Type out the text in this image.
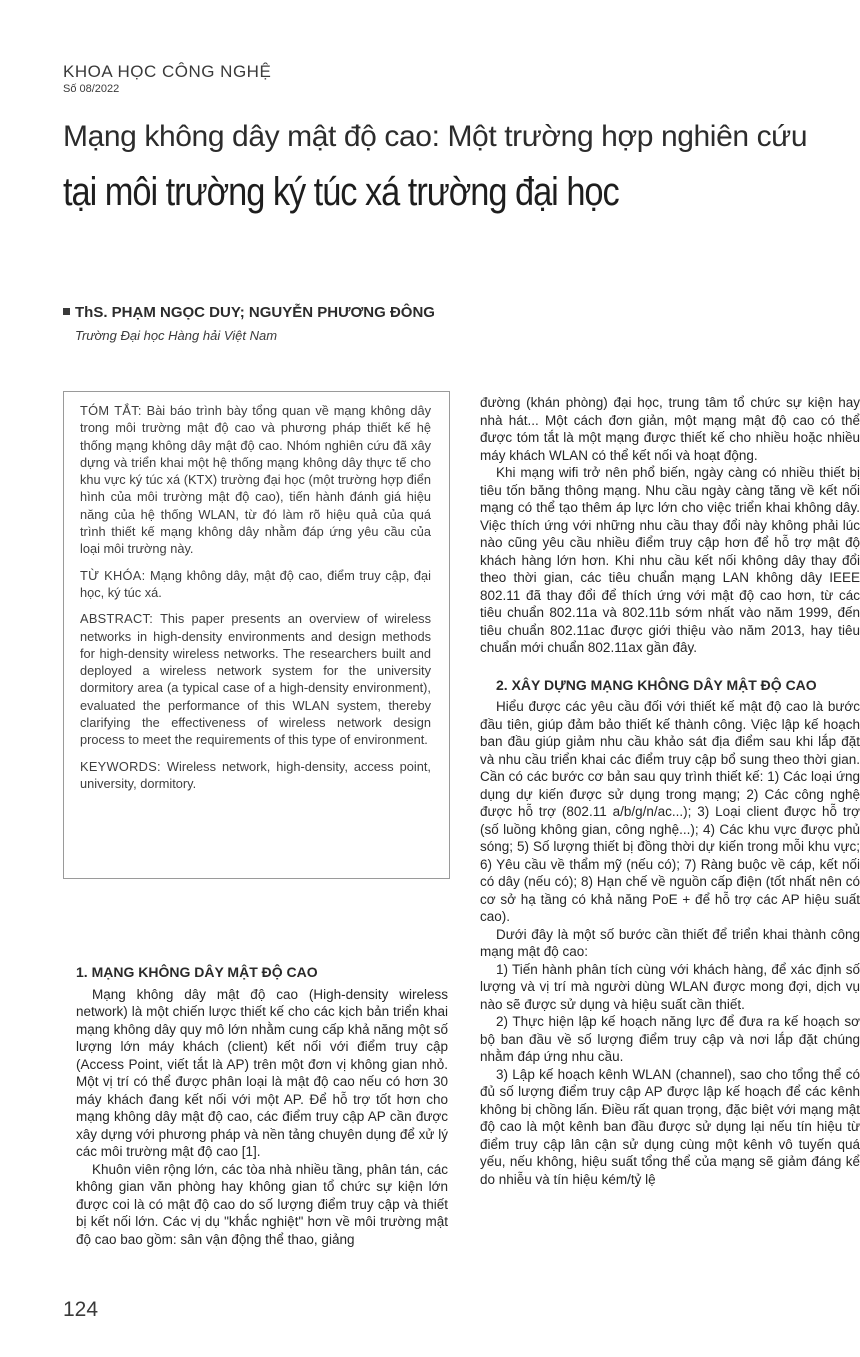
KHOA HỌC CÔNG NGHỆ
Số 08/2022
Mạng không dây mật độ cao: Một trường hợp nghiên cứu
tại môi trường ký túc xá trường đại học
ThS. PHẠM NGỌC DUY; NGUYỄN PHƯƠNG ĐÔNG
Trường Đại học Hàng hải Việt Nam

TÓM TẮT: Bài báo trình bày tổng quan về mạng không dây trong môi trường mật độ cao và phương pháp thiết kế hệ thống mạng không dây mật độ cao. Nhóm nghiên cứu đã xây dựng và triển khai một hệ thống mạng không dây thực tế cho khu vực ký túc xá (KTX) trường đại học (một trường hợp điển hình của môi trường mật độ cao), tiến hành đánh giá hiệu năng của hệ thống WLAN, từ đó làm rõ hiệu quả của quá trình thiết kế mạng không dây nhằm đáp ứng yêu cầu của loại môi trường này.

TỪ KHÓA: Mạng không dây, mật độ cao, điểm truy cập, đại học, ký túc xá.

ABSTRACT: This paper presents an overview of wireless networks in high-density environments and design methods for high-density wireless networks. The researchers built and deployed a wireless network system for the university dormitory area (a typical case of a high-density environment), evaluated the performance of this WLAN system, thereby clarifying the effectiveness of wireless network design process to meet the requirements of this type of environment.

KEYWORDS: Wireless network, high-density, access point, university, dormitory.

1. MẠNG KHÔNG DÂY MẬT ĐỘ CAO

Mạng không dây mật độ cao (High-density wireless network) là một chiến lược thiết kế cho các kịch bản triển khai mạng không dây quy mô lớn nhằm cung cấp khả năng một số lượng lớn máy khách (client) kết nối với điểm truy cập (Access Point, viết tắt là AP) trên một đơn vị không gian nhỏ. Một vị trí có thể được phân loại là mật độ cao nếu có hơn 30 máy khách đang kết nối với một AP. Để hỗ trợ tốt hơn cho mạng không dây mật độ cao, các điểm truy cập AP cần được xây dựng với phương pháp và nền tảng chuyên dụng để xử lý các môi trường mật độ cao [1].

Khuôn viên rộng lớn, các tòa nhà nhiều tầng, phân tán, các không gian văn phòng hay không gian tổ chức sự kiện lớn được coi là có mật độ cao do số lượng điểm truy cập và thiết bị kết nối lớn. Các vị dụ "khắc nghiệt" hơn về môi trường mật độ cao bao gồm: sân vận động thể thao, giảng

đường (khán phòng) đại học, trung tâm tổ chức sự kiện hay nhà hát... Một cách đơn giản, một mạng mật độ cao có thể được tóm tắt là một mạng được thiết kế cho nhiều hoặc nhiều máy khách WLAN có thể kết nối và hoạt động.

Khi mạng wifi trở nên phổ biến, ngày càng có nhiều thiết bị tiêu tốn băng thông mạng. Nhu cầu ngày càng tăng về kết nối mạng có thể tạo thêm áp lực lớn cho việc triển khai không dây. Việc thích ứng với những nhu cầu thay đổi này không phải lúc nào cũng yêu cầu nhiều điểm truy cập hơn để hỗ trợ mật độ khách hàng lớn hơn. Khi nhu cầu kết nối không dây thay đổi theo thời gian, các tiêu chuẩn mạng LAN không dây IEEE 802.11 đã thay đổi để thích ứng với mật độ cao hơn, từ các tiêu chuẩn 802.11a và 802.11b sớm nhất vào năm 1999, đến tiêu chuẩn 802.11ac được giới thiệu vào năm 2013, hay tiêu chuẩn mới chuẩn 802.11ax gần đây.

2. XÂY DỰNG MẠNG KHÔNG DÂY MẬT ĐỘ CAO

Hiểu được các yêu cầu đối với thiết kế mật độ cao là bước đầu tiên, giúp đảm bảo thiết kế thành công. Việc lập kế hoạch ban đầu giúp giảm nhu cầu khảo sát địa điểm sau khi lắp đặt và nhu cầu triển khai các điểm truy cập bổ sung theo thời gian. Cần có các bước cơ bản sau quy trình thiết kế: 1) Các loại ứng dụng dự kiến được sử dụng trong mạng; 2) Các công nghệ được hỗ trợ (802.11 a/b/g/n/ac...); 3) Loại client được hỗ trợ (số luồng không gian, công nghệ...); 4) Các khu vực được phủ sóng; 5) Số lượng thiết bị đồng thời dự kiến trong mỗi khu vực; 6) Yêu cầu về thẩm mỹ (nếu có); 7) Ràng buộc về cáp, kết nối có dây (nếu có); 8) Hạn chế về nguồn cấp điện (tốt nhất nên có cơ sở hạ tầng có khả năng PoE + để hỗ trợ các AP hiệu suất cao).

Dưới đây là một số bước cần thiết để triển khai thành công mạng mật độ cao:

1) Tiến hành phân tích cùng với khách hàng, để xác định số lượng và vị trí mà người dùng WLAN được mong đợi, dịch vụ nào sẽ được sử dụng và hiệu suất cần thiết.

2) Thực hiện lập kế hoạch năng lực để đưa ra kế hoạch sơ bộ ban đầu về số lượng điểm truy cập và nơi lắp đặt chúng nhằm đáp ứng nhu cầu.

3) Lập kế hoạch kênh WLAN (channel), sao cho tổng thể có đủ số lượng điểm truy cập AP được lập kế hoạch để các kênh không bị chồng lấn. Điều rất quan trọng, đặc biệt với mạng mật độ cao là một kênh ban đầu được sử dụng lại nếu tín hiệu từ điểm truy cập lân cận sử dụng cùng một kênh vô tuyến quá yếu, nếu không, hiệu suất tổng thể của mạng sẽ giảm đáng kể do nhiễu và tín hiệu kém/tỷ lệ

124
